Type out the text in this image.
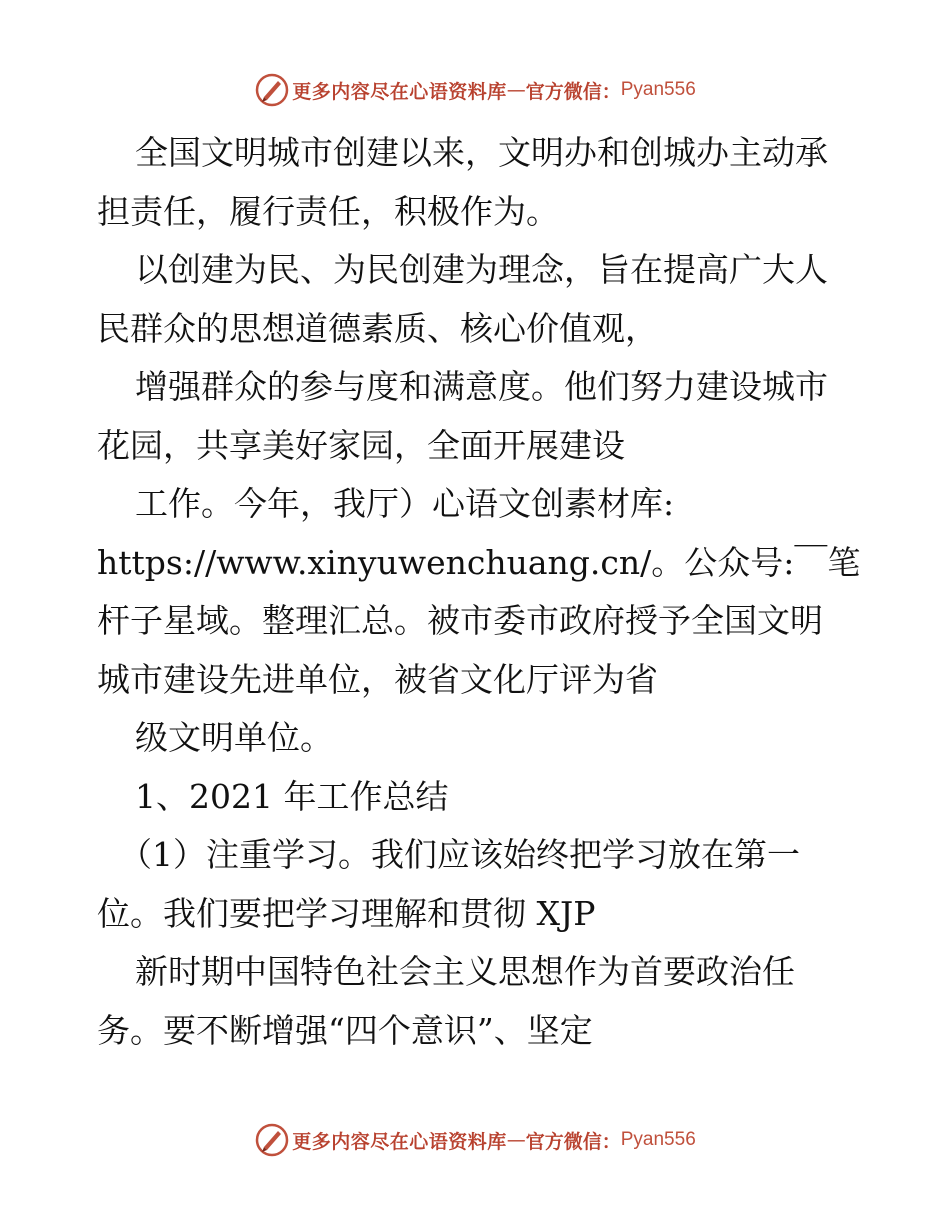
更多内容尽在心语资料库 — 官方微信： Pyan556
全国文明城市创建以来，文明办和创城办主动承
担责任，履行责任，积极作为。
以创建为民、为民创建为理念，旨在提高广大人
民群众的思想道德素质、核心价值观，
增强群众的参与度和满意度。他们努力建设城市
花园，共享美好家园，全面开展建设
工作。今年，我厅）心语文创素材库:
https://www.xinyuwenchuang.cn/。公众号:￣笔
杆子星域。整理汇总。被市委市政府授予全国文明
城市建设先进单位，被省文化厅评为省
级文明单位。
1、2021 年工作总结
（1）注重学习。我们应该始终把学习放在第一
位。我们要把学习理解和贯彻 XJP
新时期中国特色社会主义思想作为首要政治任
务。要不断增强“四个意识”、坚定
更多内容尽在心语资料库 — 官方微信： Pyan556
